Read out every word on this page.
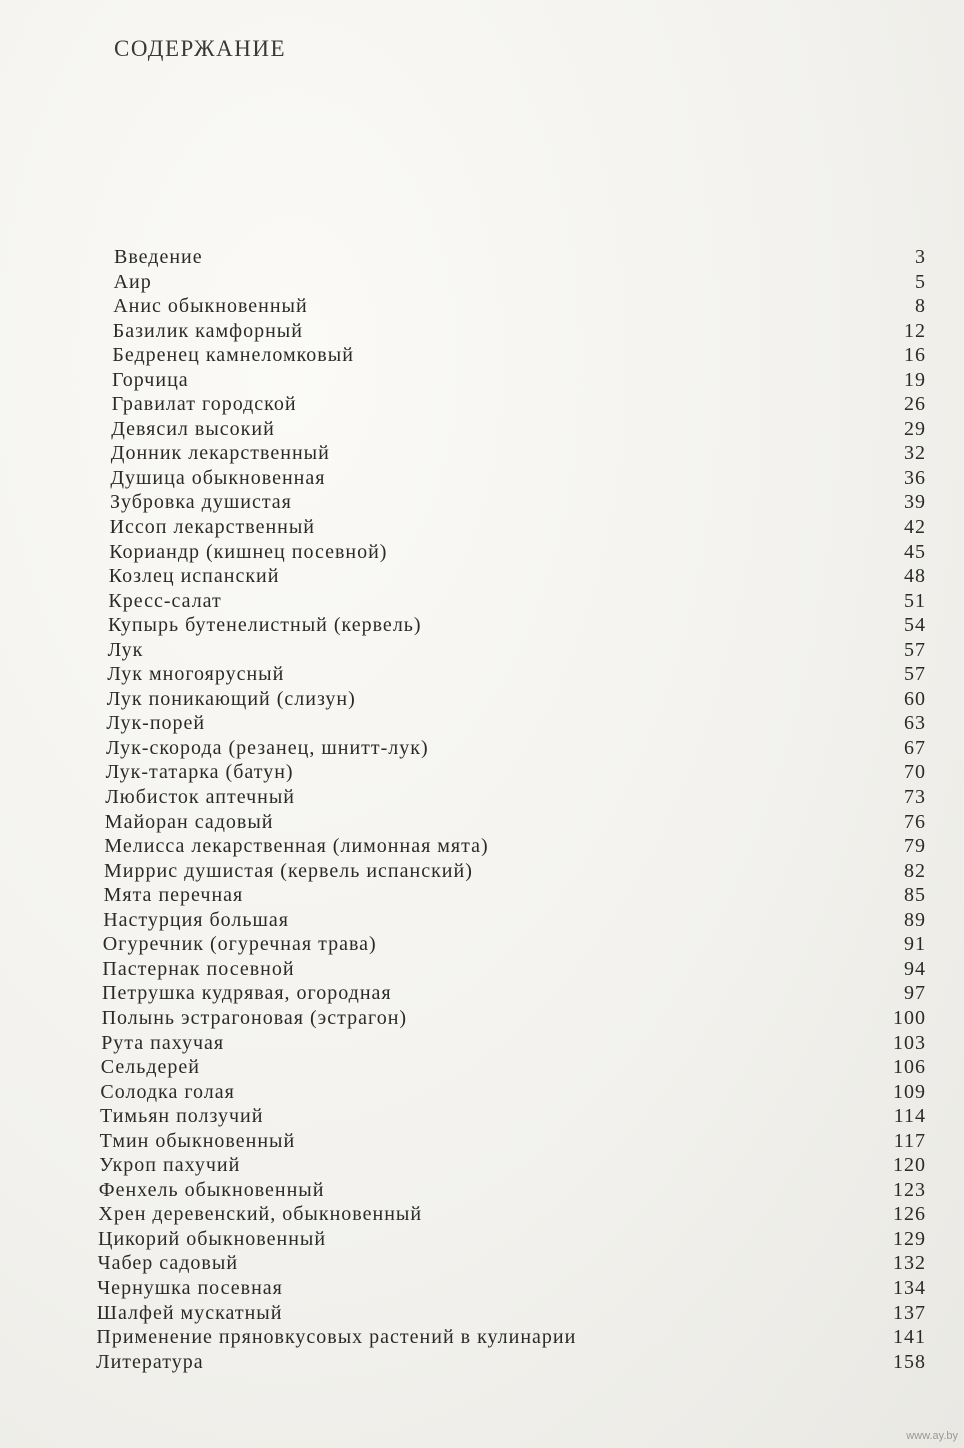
СОДЕРЖАНИЕ
Введение	3
Аир	5
Анис обыкновенный	8
Базилик камфорный	12
Бедренец камнеломковый	16
Горчица	19
Гравилат городской	26
Девясил высокий	29
Донник лекарственный	32
Душица обыкновенная	36
Зубровка душистая	39
Иссоп лекарственный	42
Кориандр (кишнец посевной)	45
Козлец испанский	48
Кресс-салат	51
Купырь бутенелистный (кервель)	54
Лук	57
Лук многоярусный	57
Лук поникающий (слизун)	60
Лук-порей	63
Лук-скорода (резанец, шнитт-лук)	67
Лук-татарка (батун)	70
Любисток аптечный	73
Майоран садовый	76
Мелисса лекарственная (лимонная мята)	79
Миррис душистая (кервель испанский)	82
Мята перечная	85
Настурция большая	89
Огуречник (огуречная трава)	91
Пастернак посевной	94
Петрушка кудрявая, огородная	97
Полынь эстрагоновая (эстрагон)	100
Рута пахучая	103
Сельдерей	106
Солодка голая	109
Тимьян ползучий	114
Тмин обыкновенный	117
Укроп пахучий	120
Фенхель обыкновенный	123
Хрен деревенский, обыкновенный	126
Цикорий обыкновенный	129
Чабер садовый	132
Чернушка посевная	134
Шалфей мускатный	137
Применение пряновкусовых растений в кулинарии	141
Литература	158
www.ay.by
